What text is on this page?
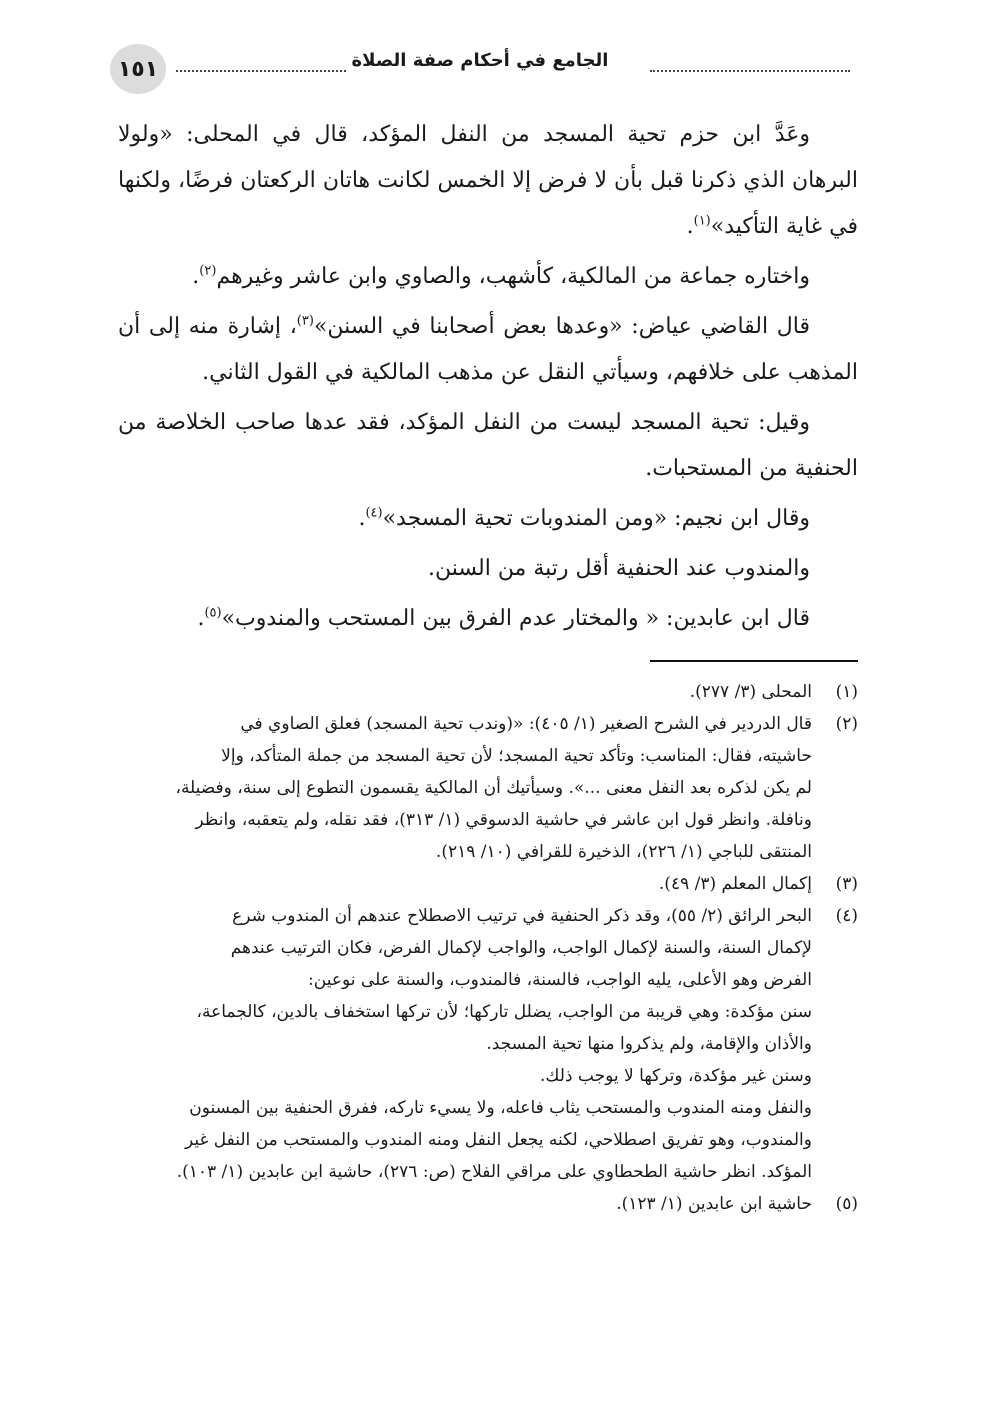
١٥١	الجامع في أحكام صفة الصلاة

وعَدَّ ابن حزم تحية المسجد من النفل المؤكد، قال في المحلى: «ولولا البرهان الذي ذكرنا قبل بأن لا فرض إلا الخمس لكانت هاتان الركعتان فرضًا، ولكنها في غاية التأكيد»$^{(١)}$.

واختاره جماعة من المالكية، كأشهب، والصاوي وابن عاشر وغيرهم$^{(٢)}$.

قال القاضي عياض: «وعدها بعض أصحابنا في السنن»$^{(٣)}$، إشارة منه إلى أن المذهب على خلافهم، وسيأتي النقل عن مذهب المالكية في القول الثاني.

وقيل: تحية المسجد ليست من النفل المؤكد، فقد عدها صاحب الخلاصة من الحنفية من المستحبات.

وقال ابن نجيم: «ومن المندوبات تحية المسجد»$^{(٤)}$.

والمندوب عند الحنفية أقل رتبة من السنن.

قال ابن عابدين: « والمختار عدم الفرق بين المستحب والمندوب»$^{(٥)}$.

(١)
المحلى (٣/ ٢٧٧).
(٢)
قال الدردير في الشرح الصغير (١/ ٤٠٥): «(وندب تحية المسجد) فعلق الصاوي في
حاشيته، فقال: المناسب: وتأكد تحية المسجد؛ لأن تحية المسجد من جملة المتأكد، وإلا
لم يكن لذكره بعد النفل معنى ...». وسيأتيك أن المالكية يقسمون التطوع إلى سنة، وفضيلة،
ونافلة. وانظر قول ابن عاشر في حاشية الدسوقي (١/ ٣١٣)، فقد نقله، ولم يتعقبه، وانظر
المنتقى للباجي (١/ ٢٢٦)، الذخيرة للقرافي (١٠/ ٢١٩).
(٣)
إكمال المعلم (٣/ ٤٩).
(٤)
البحر الرائق (٢/ ٥٥)، وقد ذكر الحنفية في ترتيب الاصطلاح عندهم أن المندوب شرع
لإكمال السنة، والسنة لإكمال الواجب، والواجب لإكمال الفرض، فكان الترتيب عندهم
الفرض وهو الأعلى، يليه الواجب، فالسنة، فالمندوب، والسنة على نوعين:
سنن مؤكدة: وهي قريبة من الواجب، يضلل تاركها؛ لأن تركها استخفاف بالدين، كالجماعة،
والأذان والإقامة، ولم يذكروا منها تحية المسجد.
وسنن غير مؤكدة، وتركها لا يوجب ذلك.
والنفل ومنه المندوب والمستحب يثاب فاعله، ولا يسيء تاركه، ففرق الحنفية بين المسنون
والمندوب، وهو تفريق اصطلاحي، لكنه يجعل النفل ومنه المندوب والمستحب من النفل غير
المؤكد. انظر حاشية الطحطاوي على مراقي الفلاح (ص: ٢٧٦)، حاشية ابن عابدين (١/ ١٠٣).
(٥)
حاشية ابن عابدين (١/ ١٢٣).
